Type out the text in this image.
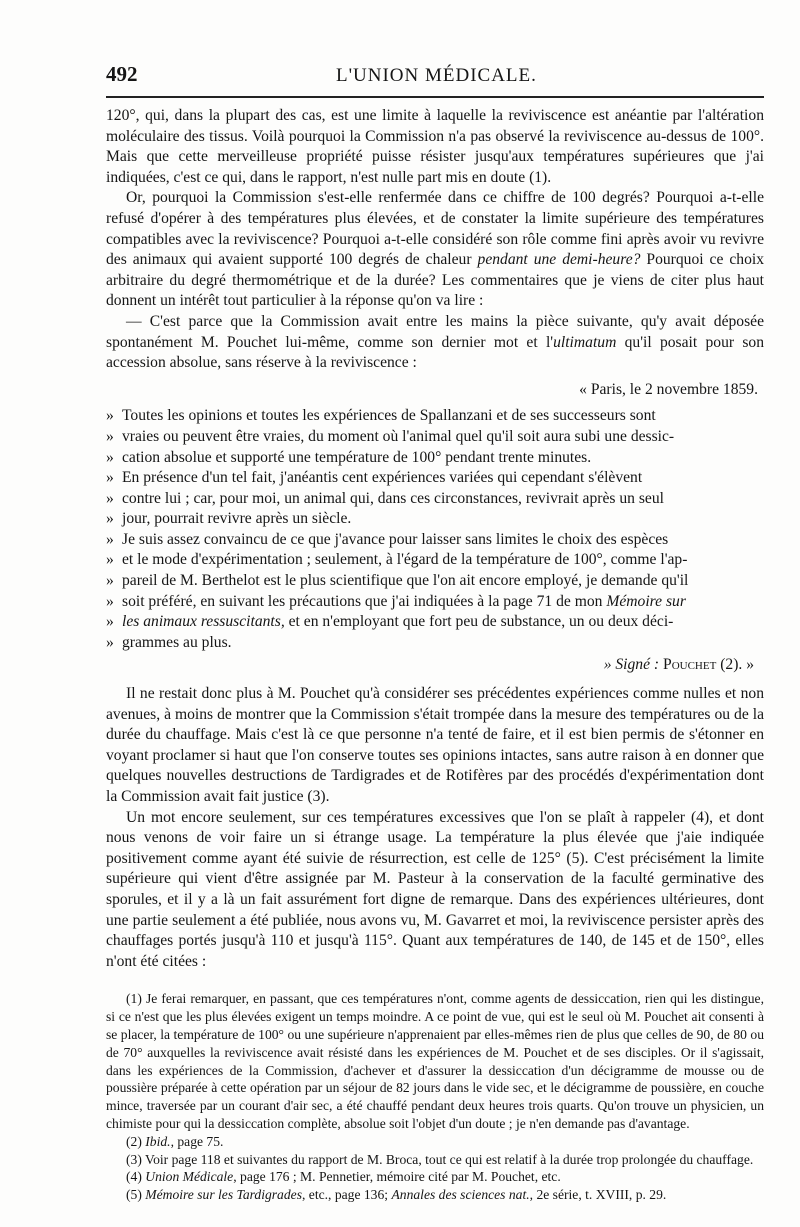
492	L'UNION MÉDICALE.

120°, qui, dans la plupart des cas, est une limite à laquelle la reviviscence est anéantie par l'altération moléculaire des tissus. Voilà pourquoi la Commission n'a pas observé la reviviscence au-dessus de 100°. Mais que cette merveilleuse propriété puisse résister jusqu'aux températures supérieures que j'ai indiquées, c'est ce qui, dans le rapport, n'est nulle part mis en doute (1).

Or, pourquoi la Commission s'est-elle renfermée dans ce chiffre de 100 degrés? Pourquoi a-t-elle refusé d'opérer à des températures plus élevées, et de constater la limite supérieure des températures compatibles avec la reviviscence? Pourquoi a-t-elle considéré son rôle comme fini après avoir vu revivre des animaux qui avaient supporté 100 degrés de chaleur pendant une demi-heure? Pourquoi ce choix arbitraire du degré thermométrique et de la durée? Les commentaires que je viens de citer plus haut donnent un intérêt tout particulier à la réponse qu'on va lire :

— C'est parce que la Commission avait entre les mains la pièce suivante, qu'y avait déposée spontanément M. Pouchet lui-même, comme son dernier mot et l'ultimatum qu'il posait pour son accession absolue, sans réserve à la reviviscence :

« Paris, le 2 novembre 1859.

» Toutes les opinions et toutes les expériences de Spallanzani et de ses successeurs sont
» vraies ou peuvent être vraies, du moment où l'animal quel qu'il soit aura subi une dessic-
» cation absolue et supporté une température de 100° pendant trente minutes.
» En présence d'un tel fait, j'anéantis cent expériences variées qui cependant s'élèvent
» contre lui ; car, pour moi, un animal qui, dans ces circonstances, revivrait après un seul
» jour, pourrait revivre après un siècle.
» Je suis assez convaincu de ce que j'avance pour laisser sans limites le choix des espèces
» et le mode d'expérimentation ; seulement, à l'égard de la température de 100°, comme l'ap-
» pareil de M. Berthelot est le plus scientifique que l'on ait encore employé, je demande qu'il
» soit préféré, en suivant les précautions que j'ai indiquées à la page 71 de mon Mémoire sur
» les animaux ressuscitants, et en n'employant que fort peu de substance, un ou deux déci-
» grammes au plus.

» Signé : Pouchet (2). »

Il ne restait donc plus à M. Pouchet qu'à considérer ses précédentes expériences comme nulles et non avenues, à moins de montrer que la Commission s'était trompée dans la mesure des températures ou de la durée du chauffage. Mais c'est là ce que personne n'a tenté de faire, et il est bien permis de s'étonner en voyant proclamer si haut que l'on conserve toutes ses opinions intactes, sans autre raison à en donner que quelques nouvelles destructions de Tardigrades et de Rotifères par des procédés d'expérimentation dont la Commission avait fait justice (3).

Un mot encore seulement, sur ces températures excessives que l'on se plaît à rappeler (4), et dont nous venons de voir faire un si étrange usage. La température la plus élevée que j'aie indiquée positivement comme ayant été suivie de résurrection, est celle de 125° (5). C'est précisément la limite supérieure qui vient d'être assignée par M. Pasteur à la conservation de la faculté germinative des sporules, et il y a là un fait assurément fort digne de remarque. Dans des expériences ultérieures, dont une partie seulement a été publiée, nous avons vu, M. Gavarret et moi, la reviviscence persister après des chauffages portés jusqu'à 110 et jusqu'à 115°. Quant aux températures de 140, de 145 et de 150°, elles n'ont été citées :

(1) Je ferai remarquer, en passant, que ces températures n'ont, comme agents de dessiccation, rien qui les distingue, si ce n'est que les plus élevées exigent un temps moindre. A ce point de vue, qui est le seul où M. Pouchet ait consenti à se placer, la température de 100° ou une supérieure n'apprenaient par elles-mêmes rien de plus que celles de 90, de 80 ou de 70° auxquelles la reviviscence avait résisté dans les expériences de M. Pouchet et de ses disciples. Or il s'agissait, dans les expériences de la Commission, d'achever et d'assurer la dessiccation d'un décigramme de mousse ou de poussière préparée à cette opération par un séjour de 82 jours dans le vide sec, et le décigramme de poussière, en couche mince, traversée par un courant d'air sec, a été chauffé pendant deux heures trois quarts. Qu'on trouve un physicien, un chimiste pour qui la dessiccation complète, absolue soit l'objet d'un doute ; je n'en demande pas d'avantage.

(2) Ibid., page 75.

(3) Voir page 118 et suivantes du rapport de M. Broca, tout ce qui est relatif à la durée trop prolongée du chauffage.

(4) Union Médicale, page 176 ; M. Pennetier, mémoire cité par M. Pouchet, etc.

(5) Mémoire sur les Tardigrades, etc., page 136; Annales des sciences nat., 2e série, t. XVIII, p. 29.
